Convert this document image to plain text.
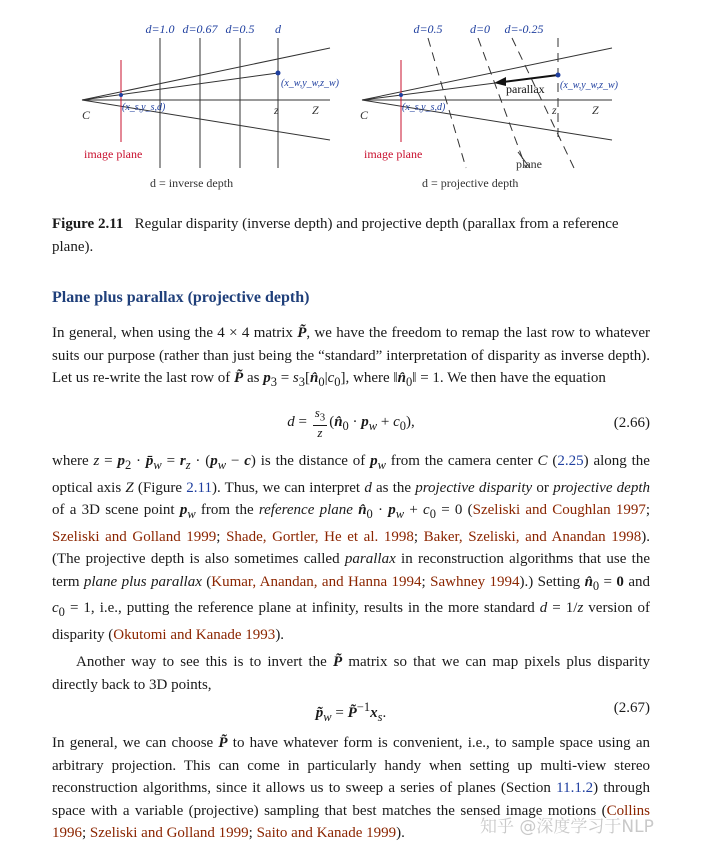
d=1.0 d=0.67 d=0.5 d
(x_w,y_w,z_w)
(x_s,y_s,d)
C	z	Z
image plane
d = inverse depth
d=0.5 d=0 d=-0.25
parallax (x_w,y_w,z_w)
(x_s,y_s,d)
C	z	Z
image plane
plane
d = projective depth

Figure 2.11 Regular disparity (inverse depth) and projective depth (parallax from a reference plane).

Plane plus parallax (projective depth)

In general, when using the 4 × 4 matrix P̃, we have the freedom to remap the last row to whatever suits our purpose (rather than just being the “standard” interpretation of disparity as inverse depth). Let us re-write the last row of P̃ as $p_3$ = $s_3[n̂_0|c_0]$, where $‖n̂_0‖ = 1$. We then have the equation

$d = \frac{s_3}{z}$ $(n̂_0 \cdot p_w + c_0)$,	(2.66)

where $z = p_2$ · $p̄_w = r_z \cdot (p_w - c)$ is the distance of $p_w$ from the camera center C (2.25) along the optical axis Z (Figure 2.11). Thus, we can interpret d as the projective disparity or projective depth of a 3D scene point $p_w$ from the reference plane $n̂_0 \cdot p_w + c_0 = 0$ (Szeliski and Coughlan 1997; Szeliski and Golland 1999; Shade, Gortler, He et al. 1998; Baker, Szeliski, and Anandan 1998). (The projective depth is also sometimes called parallax in reconstruction algorithms that use the term plane plus parallax (Kumar, Anandan, and Hanna 1994; Sawhney 1994).) Setting $n̂_0 = 0$ and $c_0 = 1$, i.e., putting the reference plane at infinity, results in the more standard d = 1/z version of disparity (Okutomi and Kanade 1993).

Another way to see this is to invert the P̃ matrix so that we can map pixels plus disparity directly back to 3D points,

$p̃_w$ = $P̃^{-1}x_s$.	(2.67)

In general, we can choose P̃ to have whatever form is convenient, i.e., to sample space using an arbitrary projection. This can come in particularly handy when setting up multi-view stereo reconstruction algorithms, since it allows us to sweep a series of planes (Section 11.1.2) through space with a variable (projective) sampling that best matches the sensed image motions (Collins 1996; Szeliski and Golland 1999; Saito and Kanade 1999).	知乎 @深度学习于NLP
